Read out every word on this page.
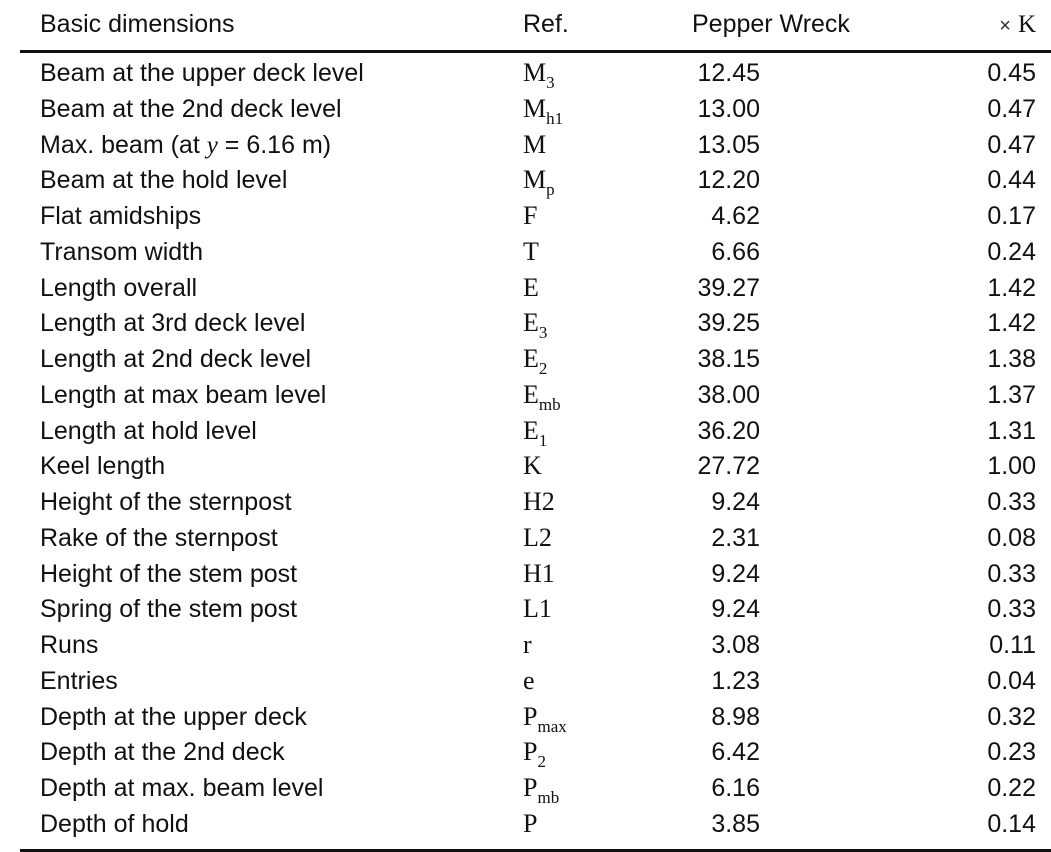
Basic dimensions	Ref.	Pepper Wreck	× K
Beam at the upper deck level	$M_3$	12.45	0.45
Beam at the 2nd deck level	$M_{h1}$	13.00	0.47
Max. beam (at y = 6.16 m)	M	13.05	0.47
Beam at the hold level	$M_p$	12.20	0.44
Flat amidships	F	4.62	0.17
Transom width	T	6.66	0.24
Length overall	E	39.27	1.42
Length at 3rd deck level	$E_3$	39.25	1.42
Length at 2nd deck level	$E_2$	38.15	1.38
Length at max beam level	$E_{mb}$	38.00	1.37
Length at hold level	$E_1$	36.20	1.31
Keel length	K	27.72	1.00
Height of the sternpost	H2	9.24	0.33
Rake of the sternpost	L2	2.31	0.08
Height of the stem post	H1	9.24	0.33
Spring of the stem post	L1	9.24	0.33
Runs	r	3.08	0.11
Entries	e	1.23	0.04
Depth at the upper deck	$P_{max}$	8.98	0.32
Depth at the 2nd deck	$P_2$	6.42	0.23
Depth at max. beam level	$P_{mb}$	6.16	0.22
Depth of hold	P	3.85	0.14
